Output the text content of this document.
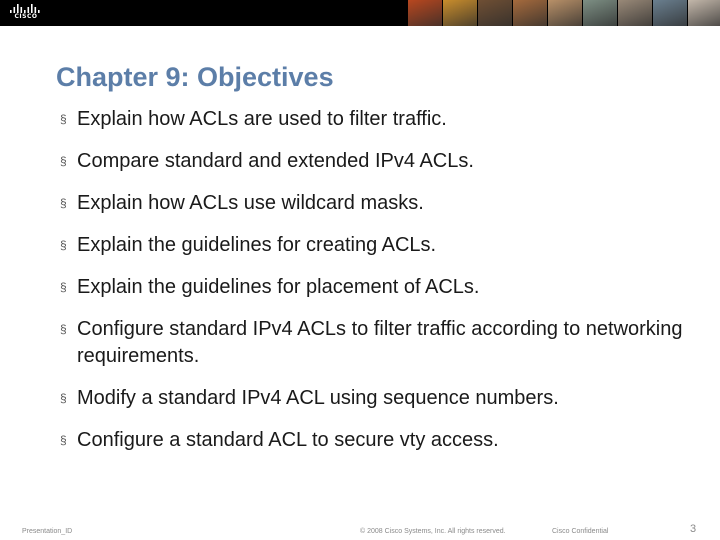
CISCO
Chapter 9: Objectives
§ Explain how ACLs are used to filter traffic.
§ Compare standard and extended IPv4 ACLs.
§ Explain how ACLs use wildcard masks.
§ Explain the guidelines for creating ACLs.
§ Explain the guidelines for placement of ACLs.
§ Configure standard IPv4 ACLs to filter traffic according to networking requirements.
§ Modify a standard IPv4 ACL using sequence numbers.
§ Configure a standard ACL to secure vty access.
Presentation_ID	© 2008 Cisco Systems, Inc. All rights reserved.	Cisco Confidential	3
